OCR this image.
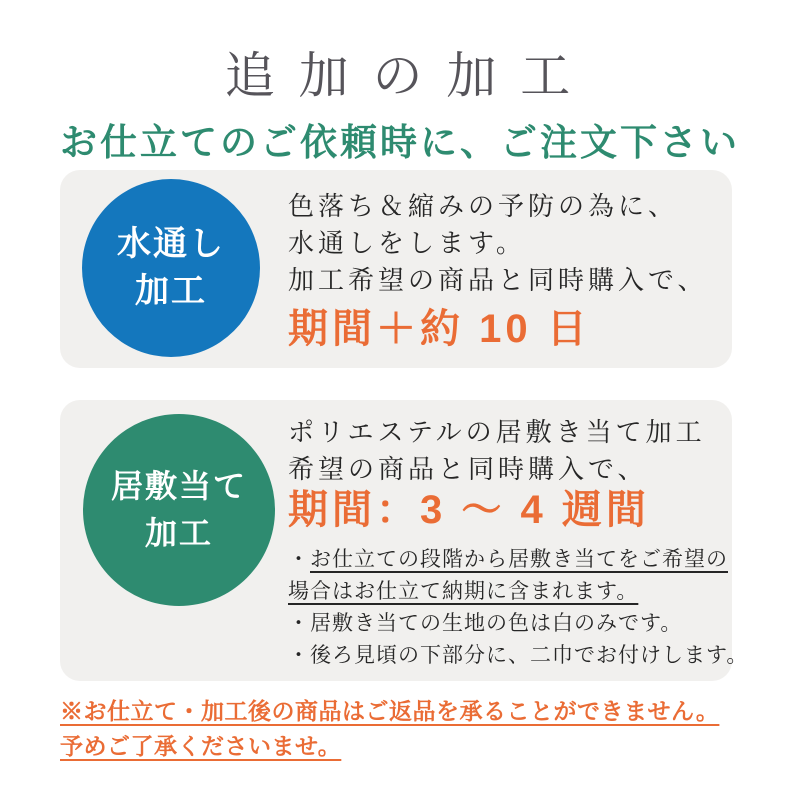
追 加 の 加 工
お仕立てのご依頼時に、ご注文下さい
水通し
加工
色落ち＆縮みの予防の為に、
水通しをします。
加工希望の商品と同時購入で、
期間＋約 10 日
居敷当て
加工
ポリエステルの居敷き当て加工
希望の商品と同時購入で、
期間：3 〜 4 週間
・お仕立ての段階から居敷き当てをご希望の
場合はお仕立て納期に含まれます。
・居敷き当ての生地の色は白のみです。
・後ろ見頃の下部分に、二巾でお付けします。
※お仕立て・加工後の商品はご返品を承ることができません。
予めご了承くださいませ。
